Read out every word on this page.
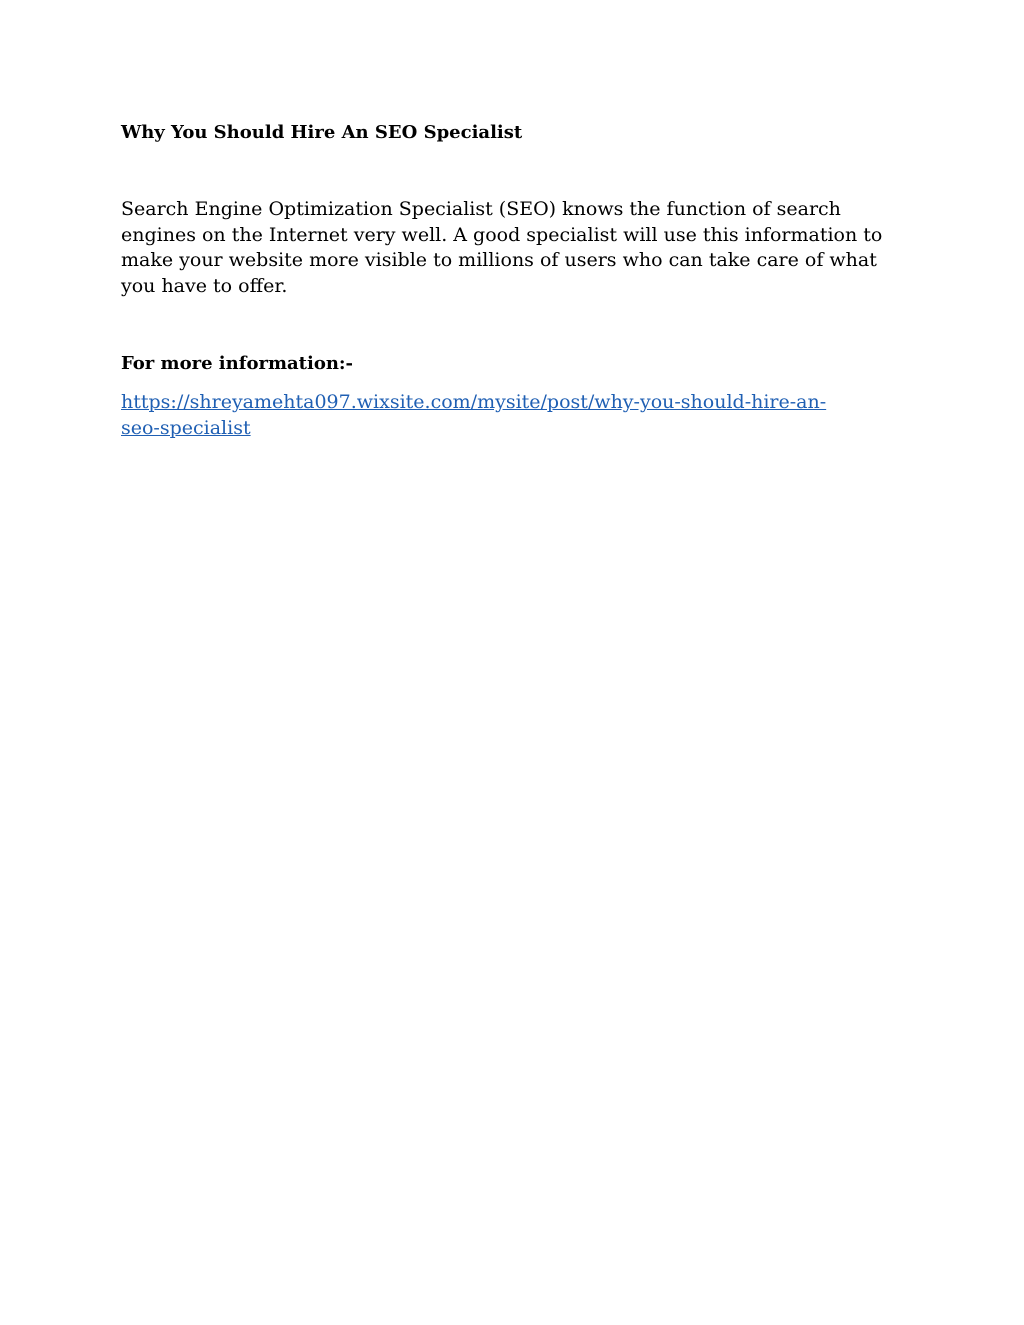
Why You Should Hire An SEO Specialist

Search Engine Optimization Specialist (SEO) knows the function of search engines on the Internet very well. A good specialist will use this information to make your website more visible to millions of users who can take care of what you have to offer.

For more information:-

https://shreyamehta097.wixsite.com/mysite/post/why-you-should-hire-an-
seo-specialist
